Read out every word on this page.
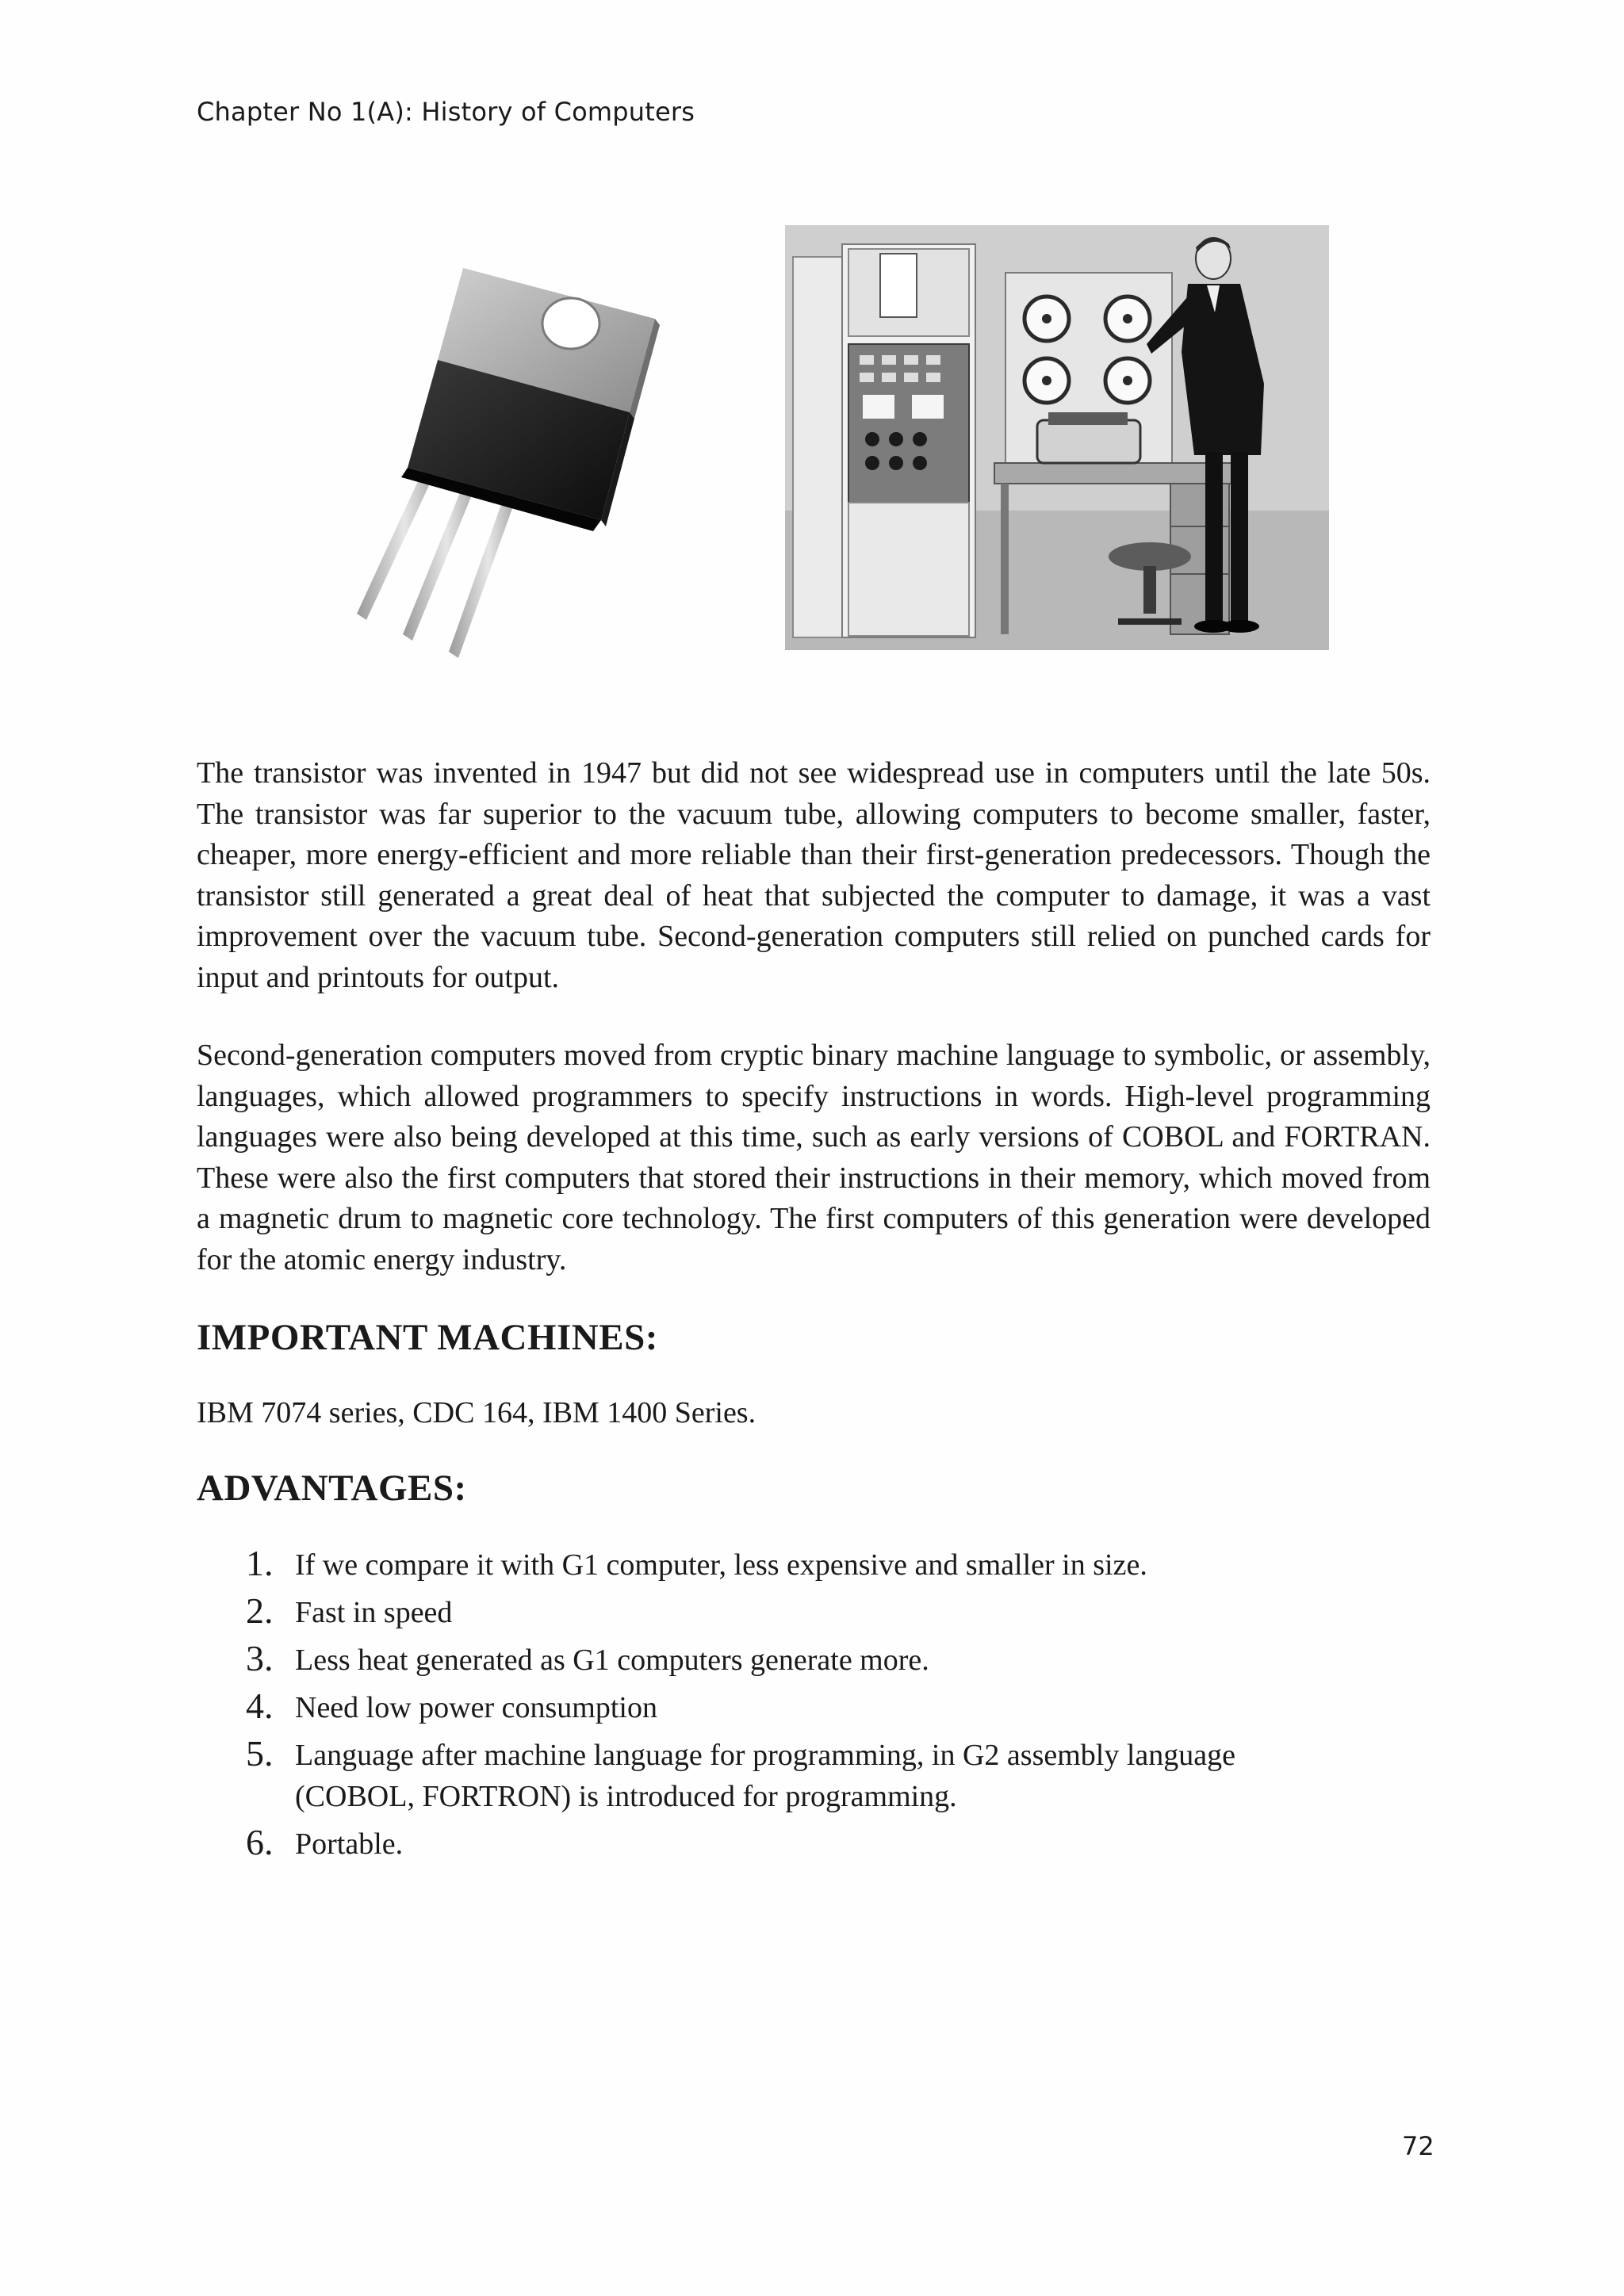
Chapter No 1(A): History of Computers

The transistor was invented in 1947 but did not see widespread use in computers until the late 50s. The transistor was far superior to the vacuum tube, allowing computers to become smaller, faster, cheaper, more energy-efficient and more reliable than their first-generation predecessors. Though the transistor still generated a great deal of heat that subjected the computer to damage, it was a vast improvement over the vacuum tube. Second-generation computers still relied on punched cards for input and printouts for output.

Second-generation computers moved from cryptic binary machine language to symbolic, or assembly, languages, which allowed programmers to specify instructions in words. High-level programming languages were also being developed at this time, such as early versions of COBOL and FORTRAN. These were also the first computers that stored their instructions in their memory, which moved from a magnetic drum to magnetic core technology. The first computers of this generation were developed for the atomic energy industry.

IMPORTANT MACHINES:

IBM 7074 series, CDC 164, IBM 1400 Series.

ADVANTAGES:
1. If we compare it with G1 computer, less expensive and smaller in size.
2. Fast in speed
3. Less heat generated as G1 computers generate more.
4. Need low power consumption
5. Language after machine language for programming, in G2 assembly language (COBOL, FORTRON) is introduced for programming.
6. Portable.
72
